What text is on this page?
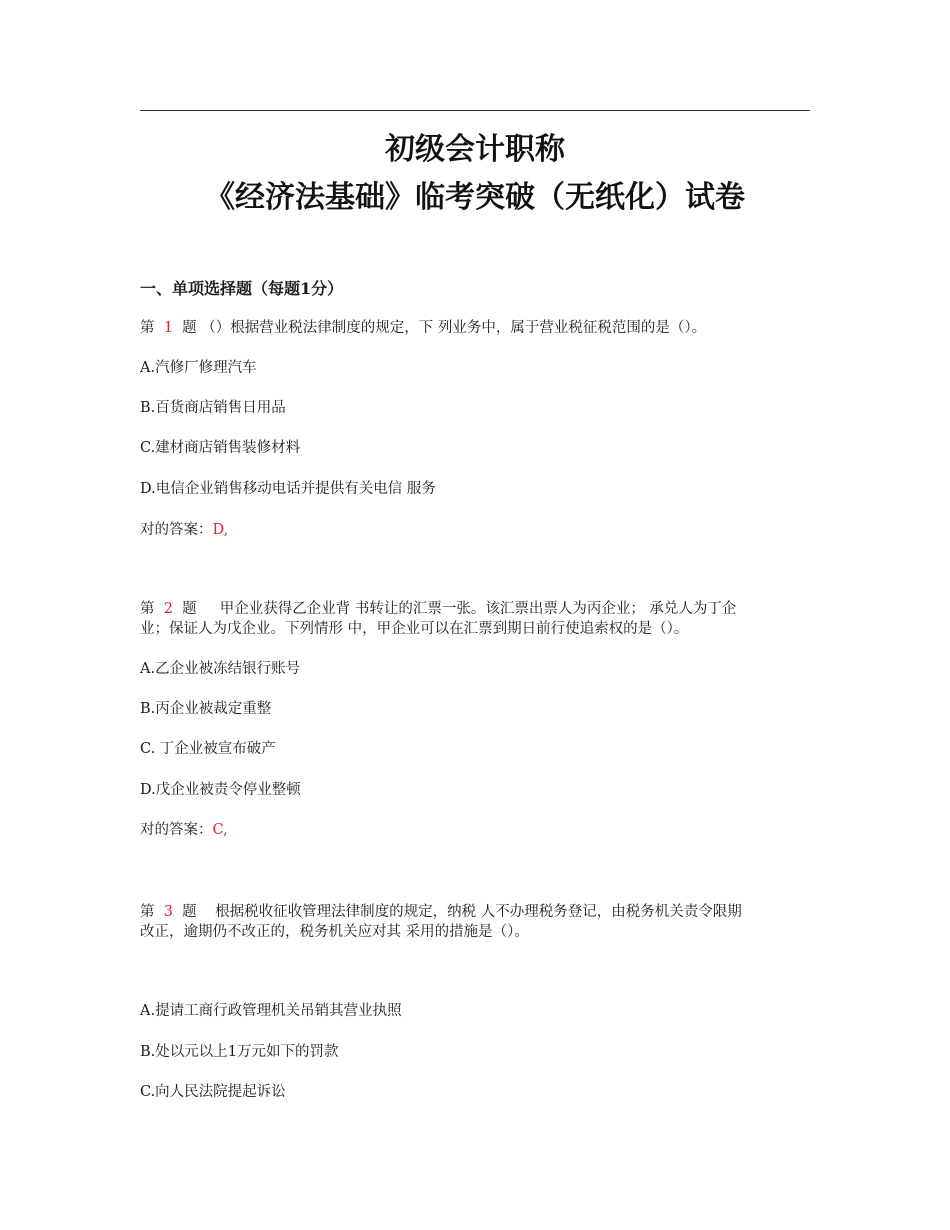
初级会计职称
《经济法基础》临考突破（无纸化）试卷
一、单项选择题（每题1分）
第 1 题 （）根据营业税法律制度的规定，下 列业务中，属于营业税征税范围的是（）。
A.汽修厂修理汽车
B.百货商店销售日用品
C.建材商店销售装修材料
D.电信企业销售移动电话并提供有关电信 服务
对的答案：D,
第 2 题 甲企业获得乙企业背 书转让的汇票一张。该汇票出票人为丙企业； 承兑人为丁企
业；保证人为戊企业。下列情形 中，甲企业可以在汇票到期日前行使追索权的是（）。
A.乙企业被冻结银行账号
B.丙企业被裁定重整
C. 丁企业被宣布破产
D.戊企业被责令停业整顿
对的答案：C,
第 3 题 根据税收征收管理法律制度的规定，纳税 人不办理税务登记，由税务机关责令限期
改正，逾期仍不改正的，税务机关应对其 采用的措施是（）。
A.提请工商行政管理机关吊销其营业执照
B.处以元以上1万元如下的罚款
C.向人民法院提起诉讼
